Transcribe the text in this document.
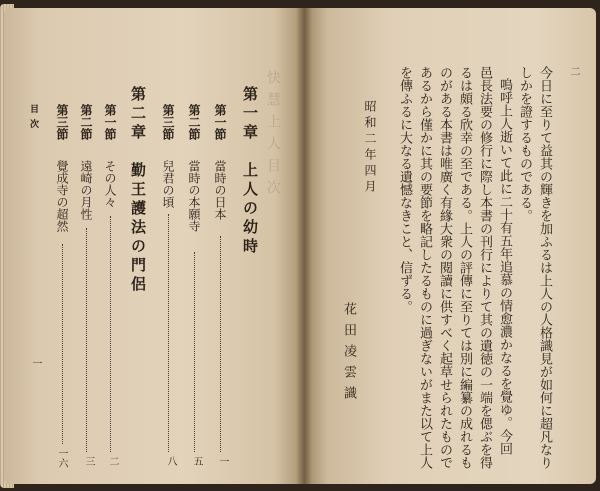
快慧上人目次
第一章
上人の幼時
第一節
當時の日本
一
第二節
當時の本願寺
五
第三節
兒君の頃
八
第二章
勤王護法の門侶
第一節
その人々
二
第二節
遠崎の月性
三
第三節
覺成寺の超然
一六
目次
一
二
今日に至りて益其の輝きを加ふるは上人の人格識見が如何に超凡なり
しかを證するものである。
嗚呼上人逝いて此に二十有五年追慕の情愈濃かなるを覺ゆ。今回
邑長法要の修行に際し本書の刊行によりて其の遺徳の一端を偲ぶを得
るは頗る欣幸の至である。上人の評傳に至りては別に編纂の成れるも
のがある本書は唯廣く有緣大衆の閱讀に供すべく起草せられたもので
あるから僅かに其の要節を略記したるものに過ぎないがまた以て上人
を傳ふるに大なる遺憾なきこと、信ずる。
昭和二年四月
花田凌雲識
